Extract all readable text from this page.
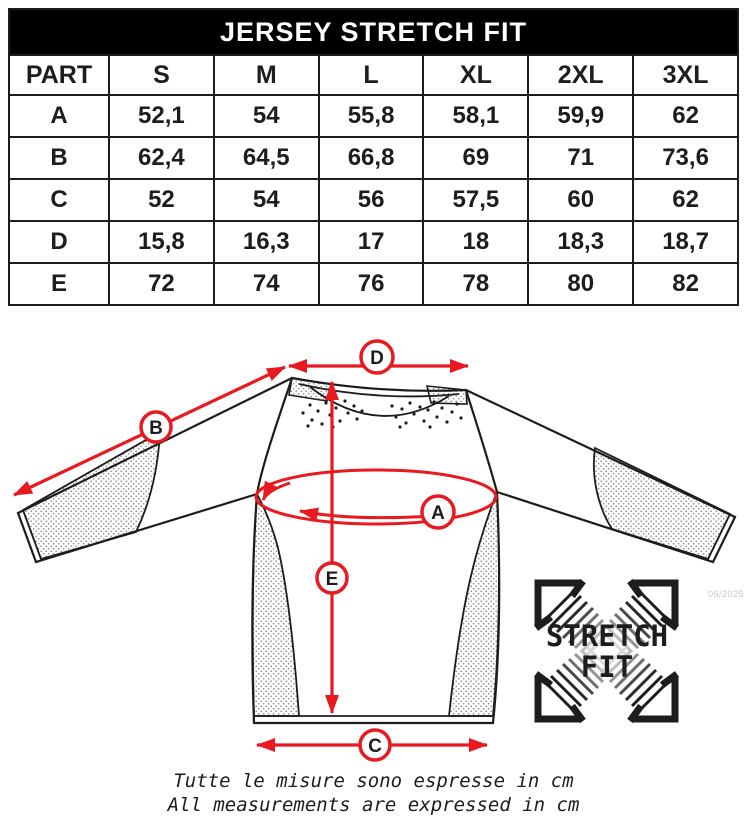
JERSEY STRETCH FIT						
PART	S	M	L	XL	2XL	3XL
A	52,1	54	55,8	58,1	59,9	62
B	62,4	64,5	66,8	69	71	73,6
C	52	54	56	57,5	60	62
D	15,8	16,3	17	18	18,3	18,7
E	72	74	76	78	80	82
B
D
A
E
C
STRETCH
FIT
Tutte le misure sono espresse in cm
All measurements are expressed in cm
05/2025
